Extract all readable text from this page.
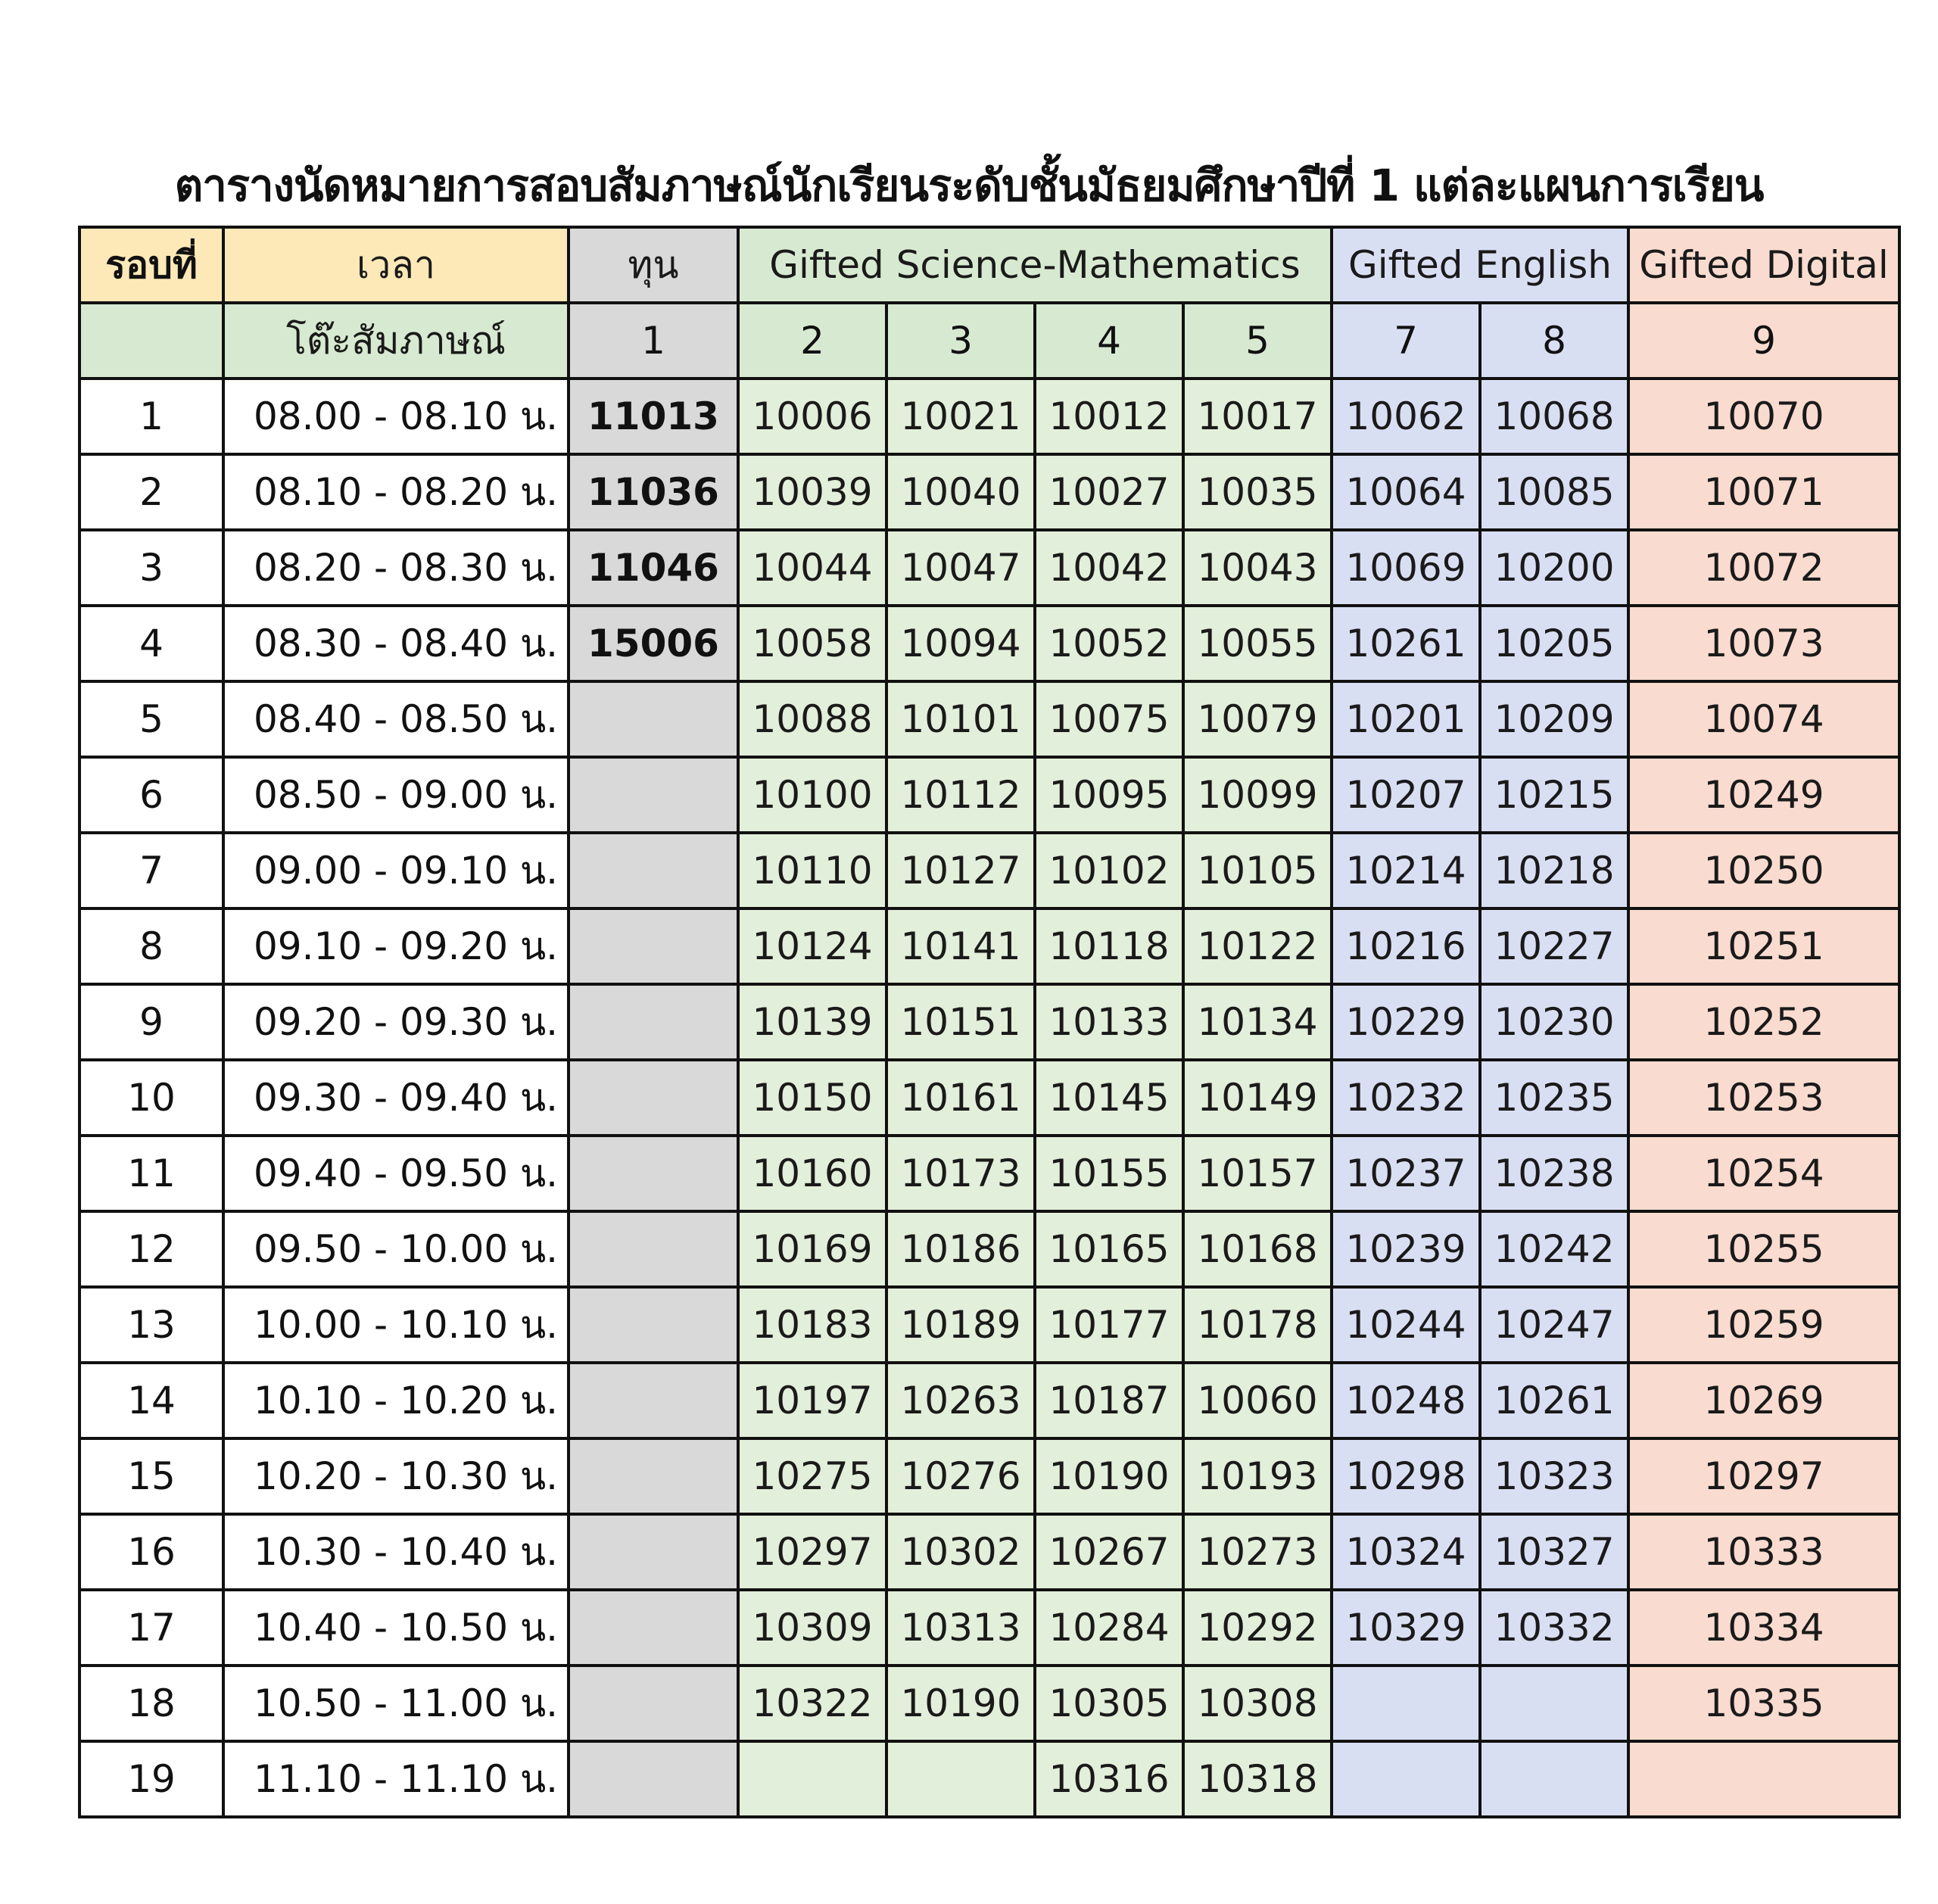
ตารางนัดหมายการสอบสัมภาษณ์นักเรียนระดับชั้นมัธยมศึกษาปีที่ 1 แต่ละแผนการเรียน
รอบที่	เวลา	ทุน	Gifted Science-Mathematics				Gifted English		Gifted Digital
	โต๊ะสัมภาษณ์	1	2	3	4	5	7	8	9
1	08.00 - 08.10 น.	11013	10006	10021	10012	10017	10062	10068	10070
2	08.10 - 08.20 น.	11036	10039	10040	10027	10035	10064	10085	10071
3	08.20 - 08.30 น.	11046	10044	10047	10042	10043	10069	10200	10072
4	08.30 - 08.40 น.	15006	10058	10094	10052	10055	10261	10205	10073
5	08.40 - 08.50 น.		10088	10101	10075	10079	10201	10209	10074
6	08.50 - 09.00 น.		10100	10112	10095	10099	10207	10215	10249
7	09.00 - 09.10 น.		10110	10127	10102	10105	10214	10218	10250
8	09.10 - 09.20 น.		10124	10141	10118	10122	10216	10227	10251
9	09.20 - 09.30 น.		10139	10151	10133	10134	10229	10230	10252
10	09.30 - 09.40 น.		10150	10161	10145	10149	10232	10235	10253
11	09.40 - 09.50 น.		10160	10173	10155	10157	10237	10238	10254
12	09.50 - 10.00 น.		10169	10186	10165	10168	10239	10242	10255
13	10.00 - 10.10 น.		10183	10189	10177	10178	10244	10247	10259
14	10.10 - 10.20 น.		10197	10263	10187	10060	10248	10261	10269
15	10.20 - 10.30 น.		10275	10276	10190	10193	10298	10323	10297
16	10.30 - 10.40 น.		10297	10302	10267	10273	10324	10327	10333
17	10.40 - 10.50 น.		10309	10313	10284	10292	10329	10332	10334
18	10.50 - 11.00 น.		10322	10190	10305	10308			10335
19	11.10 - 11.10 น.				10316	10318			
